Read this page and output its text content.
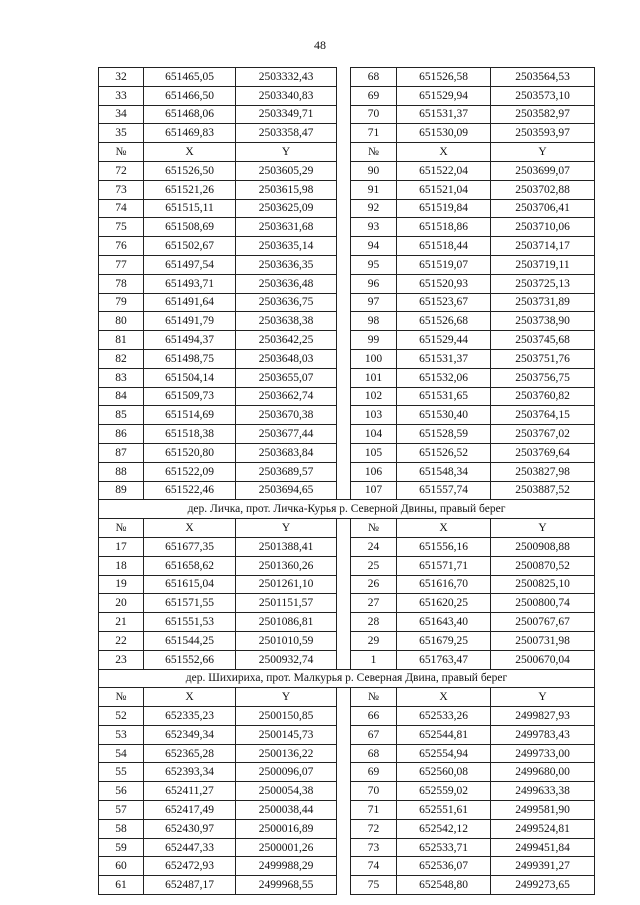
48
32	651465,05	2503332,43		68	651526,58	2503564,53
33	651466,50	2503340,83		69	651529,94	2503573,10
34	651468,06	2503349,71		70	651531,37	2503582,97
35	651469,83	2503358,47		71	651530,09	2503593,97
№	X	Y		№	X	Y
72	651526,50	2503605,29		90	651522,04	2503699,07
73	651521,26	2503615,98		91	651521,04	2503702,88
74	651515,11	2503625,09		92	651519,84	2503706,41
75	651508,69	2503631,68		93	651518,86	2503710,06
76	651502,67	2503635,14		94	651518,44	2503714,17
77	651497,54	2503636,35		95	651519,07	2503719,11
78	651493,71	2503636,48		96	651520,93	2503725,13
79	651491,64	2503636,75		97	651523,67	2503731,89
80	651491,79	2503638,38		98	651526,68	2503738,90
81	651494,37	2503642,25		99	651529,44	2503745,68
82	651498,75	2503648,03		100	651531,37	2503751,76
83	651504,14	2503655,07		101	651532,06	2503756,75
84	651509,73	2503662,74		102	651531,65	2503760,82
85	651514,69	2503670,38		103	651530,40	2503764,15
86	651518,38	2503677,44		104	651528,59	2503767,02
87	651520,80	2503683,84		105	651526,52	2503769,64
88	651522,09	2503689,57		106	651548,34	2503827,98
89	651522,46	2503694,65		107	651557,74	2503887,52
дер. Личка, прот. Личка-Курья р. Северной Двины, правый берег						
№	X	Y		№	X	Y
17	651677,35	2501388,41		24	651556,16	2500908,88
18	651658,62	2501360,26		25	651571,71	2500870,52
19	651615,04	2501261,10		26	651616,70	2500825,10
20	651571,55	2501151,57		27	651620,25	2500800,74
21	651551,53	2501086,81		28	651643,40	2500767,67
22	651544,25	2501010,59		29	651679,25	2500731,98
23	651552,66	2500932,74		1	651763,47	2500670,04
дер. Шихириха, прот. Малкурья р. Северная Двина, правый берег						
№	X	Y		№	X	Y
52	652335,23	2500150,85		66	652533,26	2499827,93
53	652349,34	2500145,73		67	652544,81	2499783,43
54	652365,28	2500136,22		68	652554,94	2499733,00
55	652393,34	2500096,07		69	652560,08	2499680,00
56	652411,27	2500054,38		70	652559,02	2499633,38
57	652417,49	2500038,44		71	652551,61	2499581,90
58	652430,97	2500016,89		72	652542,12	2499524,81
59	652447,33	2500001,26		73	652533,71	2499451,84
60	652472,93	2499988,29		74	652536,07	2499391,27
61	652487,17	2499968,55		75	652548,80	2499273,65
